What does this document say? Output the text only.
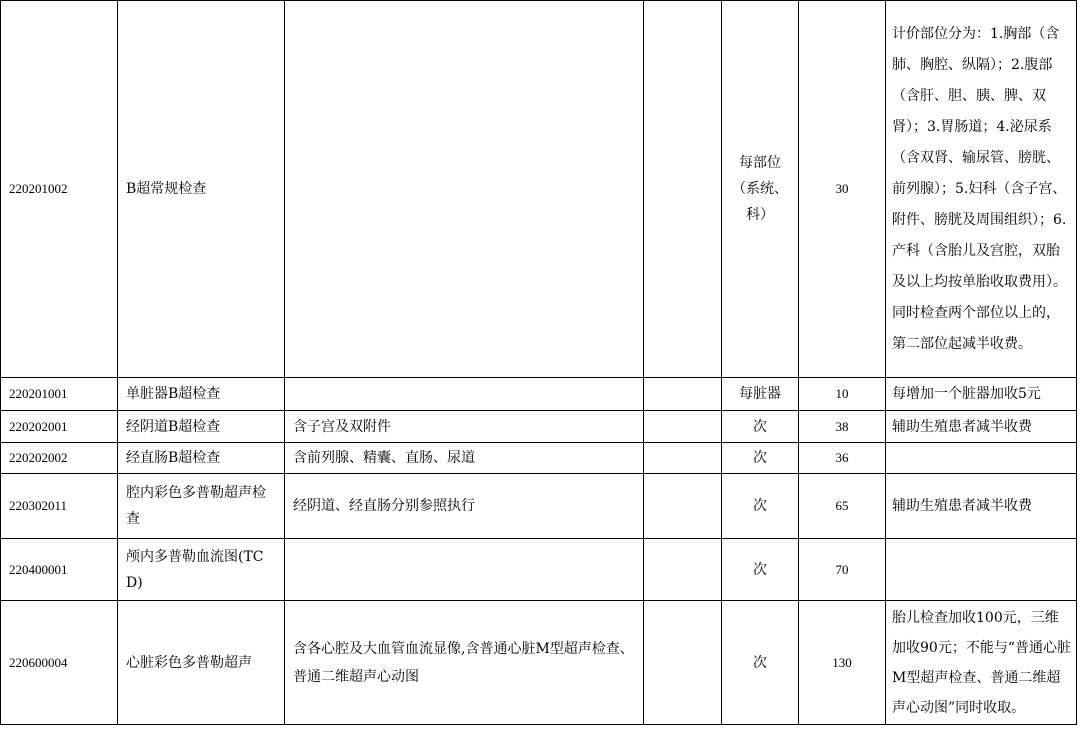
220201002	B超常规检查			每部位（系统、科）	30	计价部位分为：1.胸部（含肺、胸腔、纵隔）；2.腹部（含肝、胆、胰、脾、双肾）；3.胃肠道；4.泌尿系（含双肾、输尿管、膀胱、前列腺）；5.妇科（含子宫、附件、膀胱及周围组织）；6.产科（含胎儿及宫腔，双胎及以上均按单胎收取费用）。同时检查两个部位以上的，第二部位起减半收费。
220201001	单脏器B超检查			每脏器	10	每增加一个脏器加收5元
220202001	经阴道B超检查	含子宫及双附件		次	38	辅助生殖患者减半收费
220202002	经直肠B超检查	含前列腺、精囊、直肠、尿道		次	36	
220302011	腔内彩色多普勒超声检查	经阴道、经直肠分别参照执行		次	65	辅助生殖患者减半收费
220400001	颅内多普勒血流图(TCD)			次	70	
220600004	心脏彩色多普勒超声	含各心腔及大血管血流显像,含普通心脏M型超声检查、普通二维超声心动图		次	130	胎儿检查加收100元，三维加收90元；不能与“普通心脏M型超声检查、普通二维超声心动图”同时收取。
